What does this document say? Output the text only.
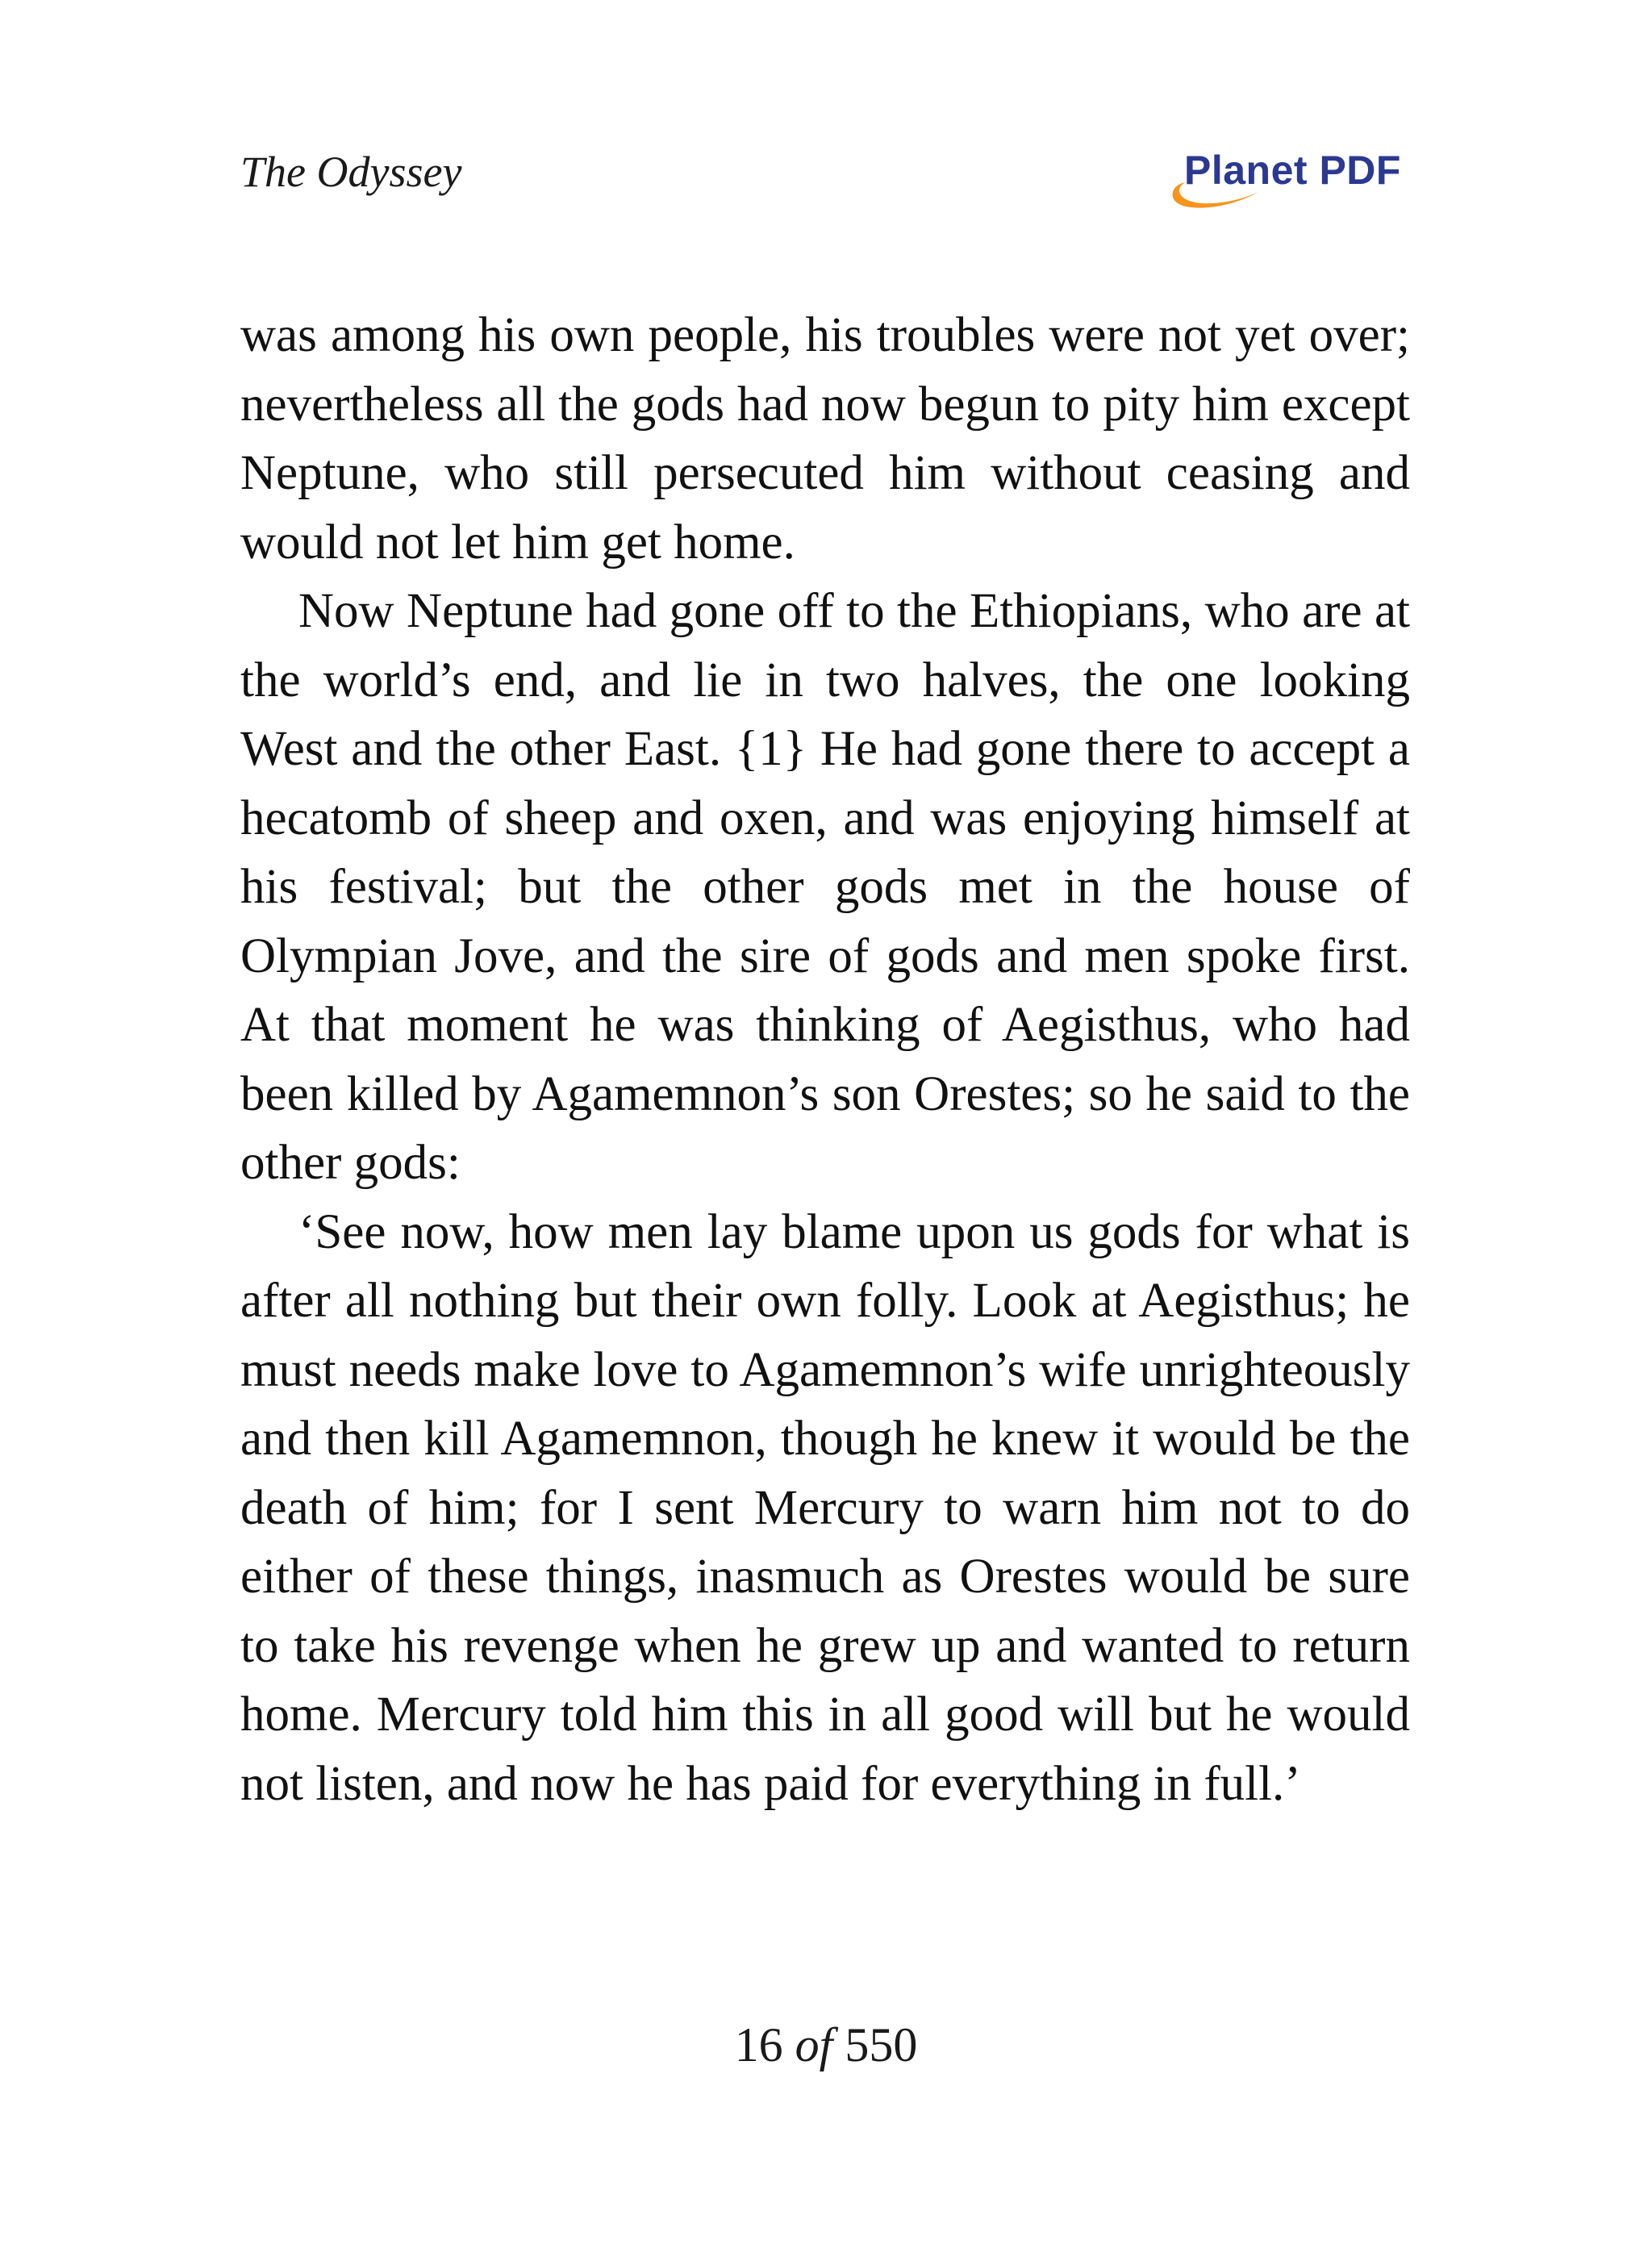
The Odyssey	Planet PDF

was among his own people, his troubles were not yet over; nevertheless all the gods had now begun to pity him except Neptune, who still persecuted him without ceasing and would not let him get home.

Now Neptune had gone off to the Ethiopians, who are at the world’s end, and lie in two halves, the one looking West and the other East. {1} He had gone there to accept a hecatomb of sheep and oxen, and was enjoying himself at his festival; but the other gods met in the house of Olympian Jove, and the sire of gods and men spoke first. At that moment he was thinking of Aegisthus, who had been killed by Agamemnon’s son Orestes; so he said to the other gods:

‘See now, how men lay blame upon us gods for what is after all nothing but their own folly. Look at Aegisthus; he must needs make love to Agamemnon’s wife unrighteously and then kill Agamemnon, though he knew it would be the death of him; for I sent Mercury to warn him not to do either of these things, inasmuch as Orestes would be sure to take his revenge when he grew up and wanted to return home. Mercury told him this in all good will but he would not listen, and now he has paid for everything in full.’

16 of 550
